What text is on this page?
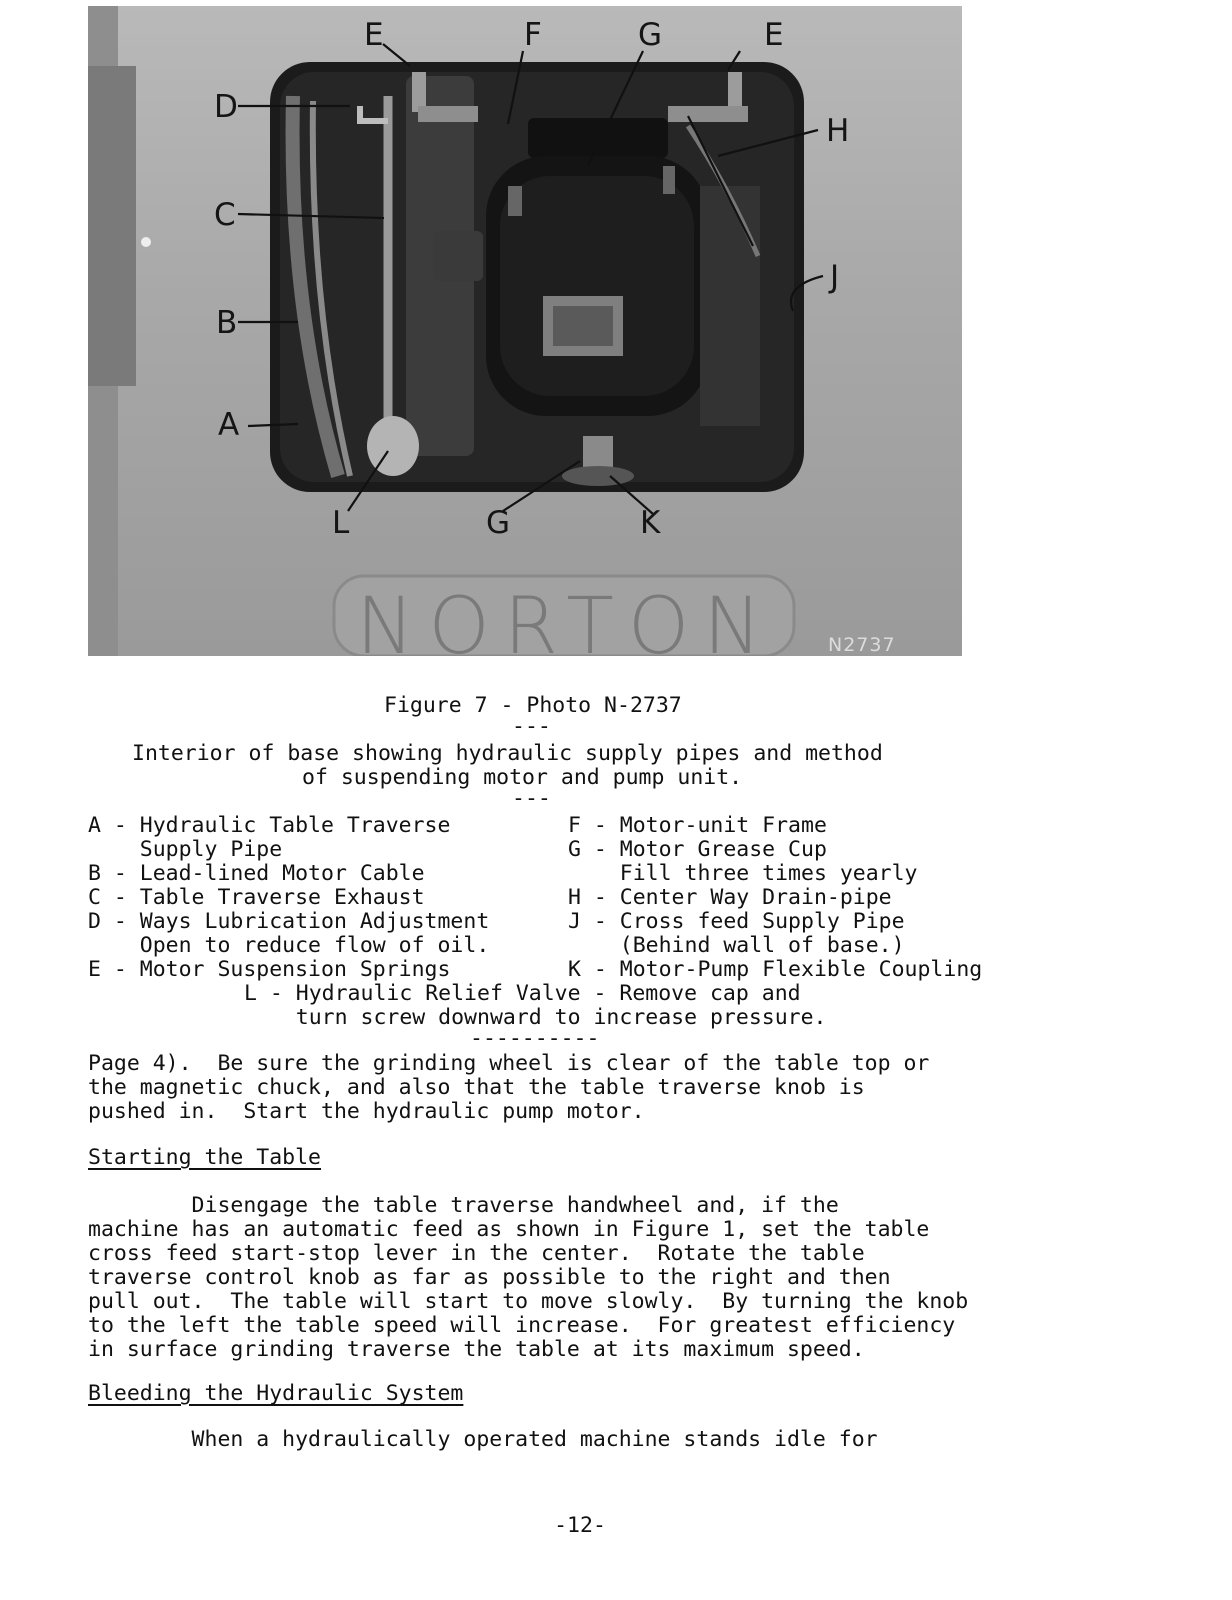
E	F	G	E
D
C
B
A
H
J
L	G	K
NORTON	N2737
Figure 7 - Photo N-2737
---
Interior of base showing hydraulic supply pipes and method
of suspending motor and pump unit.
---
A - Hydraulic Table Traverse
Supply Pipe
B - Lead-lined Motor Cable
C - Table Traverse Exhaust
D - Ways Lubrication Adjustment
Open to reduce flow of oil.
E - Motor Suspension Springs
F - Motor-unit Frame
G - Motor Grease Cup
Fill three times yearly
H - Center Way Drain-pipe
J - Cross feed Supply Pipe
(Behind wall of base.)
K - Motor-Pump Flexible Coupling
L - Hydraulic Relief Valve - Remove cap and
turn screw downward to increase pressure.
----------
Page 4).  Be sure the grinding wheel is clear of the table top or
the magnetic chuck, and also that the table traverse knob is
pushed in.  Start the hydraulic pump motor.
Starting the Table
Disengage the table traverse handwheel and, if the
machine has an automatic feed as shown in Figure 1, set the table
cross feed start-stop lever in the center.  Rotate the table
traverse control knob as far as possible to the right and then
pull out.  The table will start to move slowly.  By turning the knob
to the left the table speed will increase.  For greatest efficiency
in surface grinding traverse the table at its maximum speed.
Bleeding the Hydraulic System
When a hydraulically operated machine stands idle for
-12-
